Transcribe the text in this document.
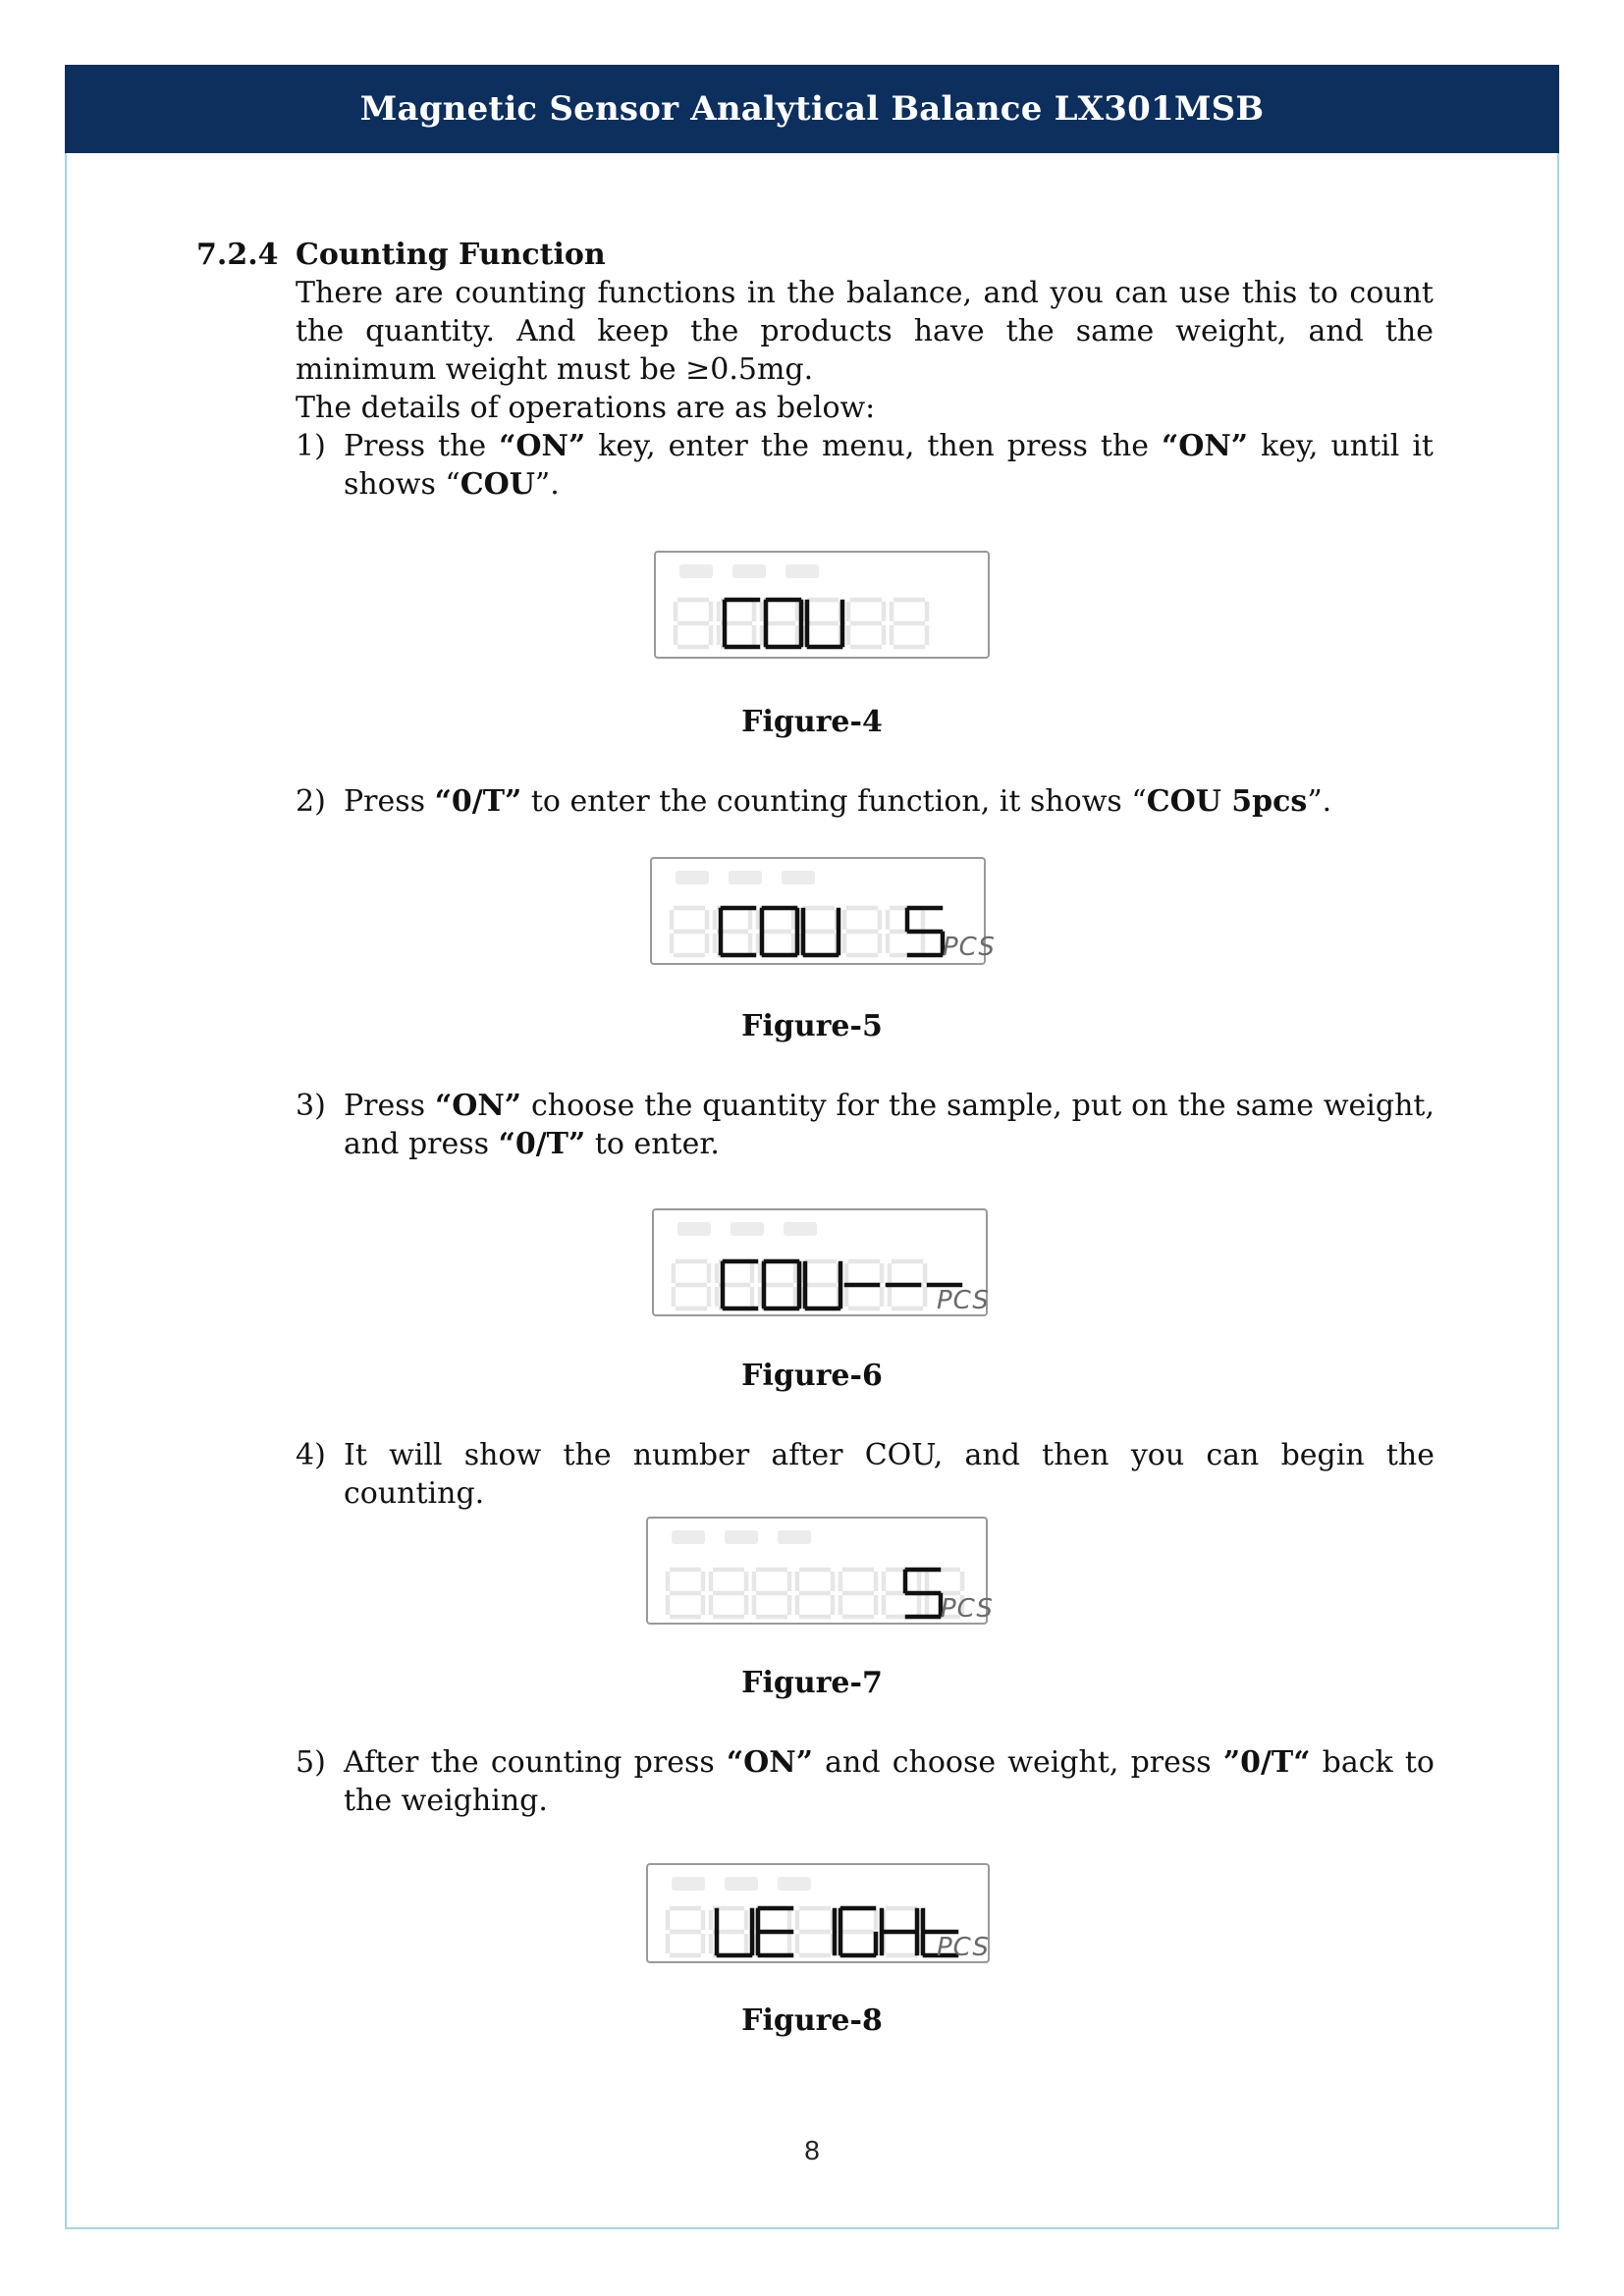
Magnetic Sensor Analytical Balance LX301MSB
7.2.4 Counting Function
There are counting functions in the balance, and you can use this to count the quantity. And keep the products have the same weight, and the minimum weight must be ≥0.5mg.
The details of operations are as below:
1) Press the “ON” key, enter the menu, then press the “ON” key, until it shows “COU”.
Figure-4
2) Press “0/T” to enter the counting function, it shows “COU 5pcs”.
PCS
Figure-5
3) Press “ON” choose the quantity for the sample, put on the same weight, and press “0/T” to enter.
PCS
Figure-6
4) It will show the number after COU, and then you can begin the counting.
PCS
Figure-7
5) After the counting press “ON” and choose weight, press ”0/T“ back to the weighing.
PCS
Figure-8
8
